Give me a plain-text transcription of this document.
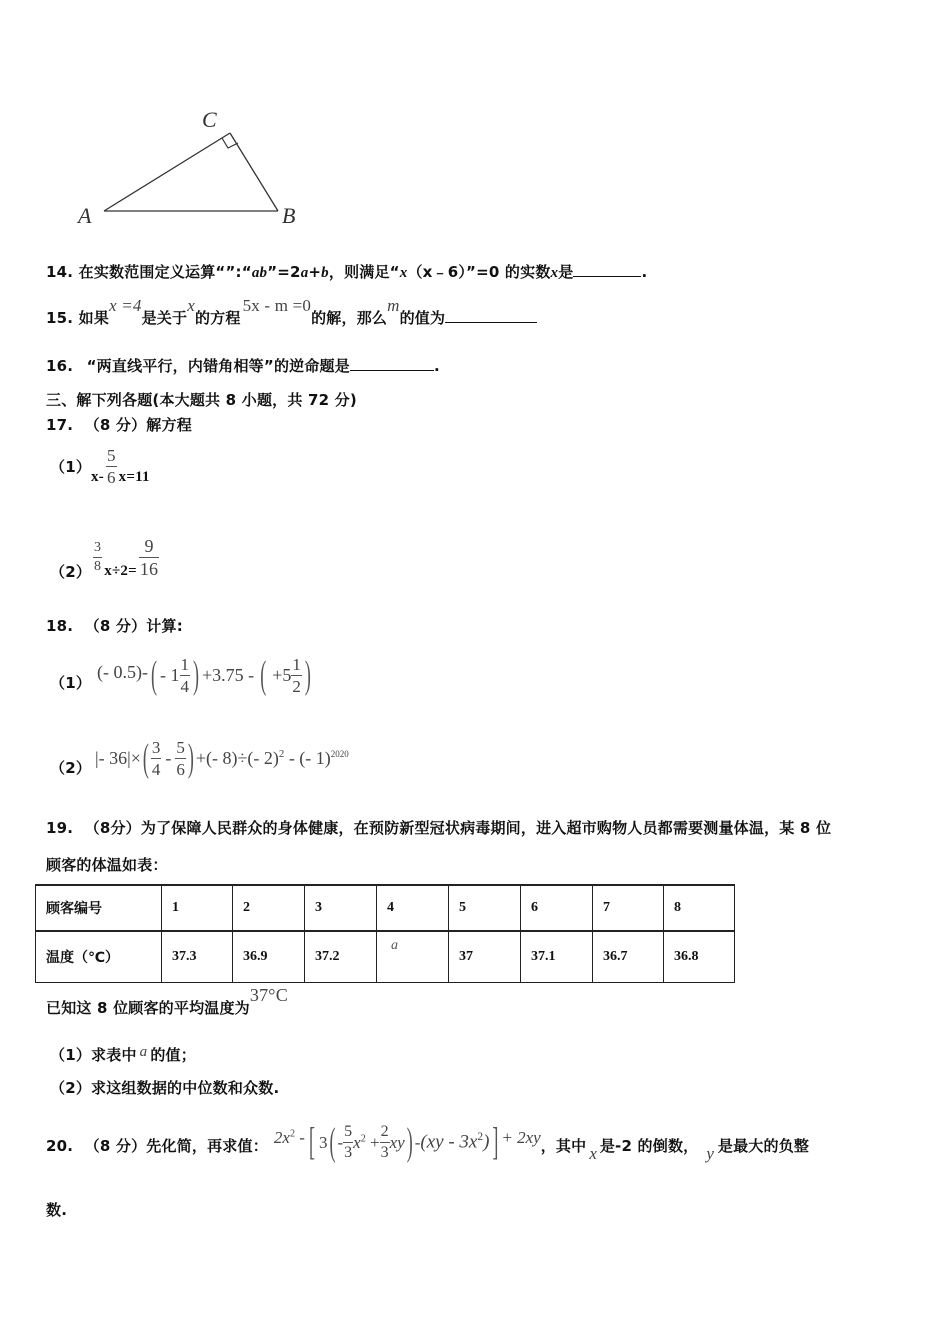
A	B
C
14. 在实数范围定义运算“”:“ab”=2a+b，则满足“x（x﹣6）”=0 的实数x是	.
15. 如果x =4是关于x的方程5x - m =0的解，那么m的值为
16. “两直线平行，内错角相等”的逆命题是	.
三、解下列各题(本大题共 8 小题，共 72 分)
17. （8 分）解方程
（1）
$x- \frac{5}{6} x=11$
$(2) \frac{3}{8} x\div 2= \frac{9}{16}$
18. （8 分）计算:
（1）
(- 0.5)- ( - $1 \frac{1}{4}$ ) +3.75 - ( $+5 \frac{1}{2}$ )
（2） |- 36|× ( $\frac{3}{4} - \frac{5}{6}$ ) +(- 8)÷(- 2)$^2$ - (- 1)$^{2020}$
19. （8分）为了保障人民群众的身体健康，在预防新型冠状病毒期间，进入超市购物人员都需要测量体温，某 8 位
顾客的体温如表：
顾客编号	1	2	3	4	5	6	7	8
温度（℃）	37.3	36.9	37.2	a	37	37.1	36.7	36.8
已知这 8 位顾客的平均温度为37°C
（1）求表中 a 的值；
（2）求这组数据的中位数和众数.
20. （8 分）先化简，再求值： $2x^2$ - [ 3 ( - $\frac{5}{3} x^2 + \frac{2}{3}$ xy ) - $(xy - 3x^2)$ ] + 2xy ，其中 x 是-2 的倒数， y 是最大的负整
数.
